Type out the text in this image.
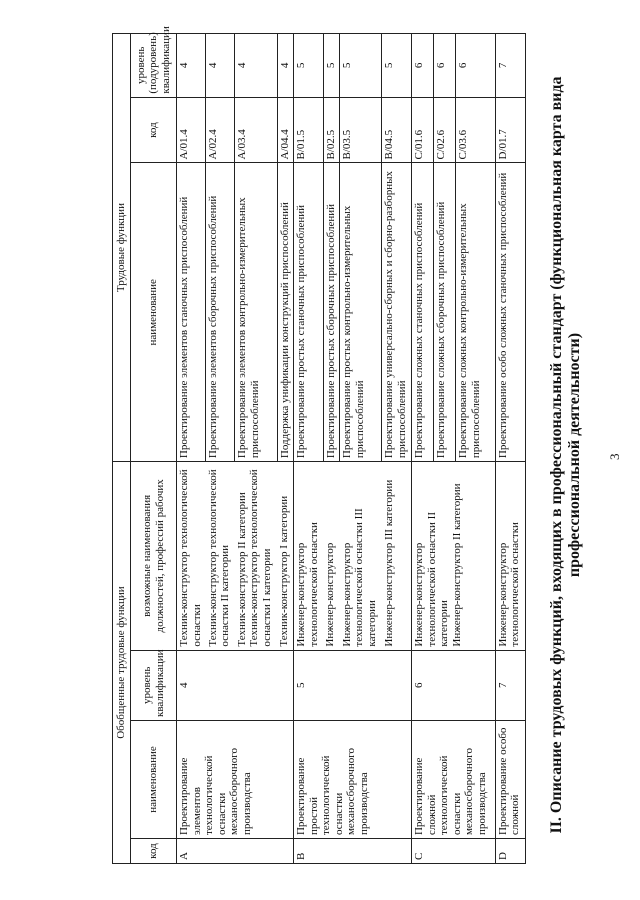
3
II. Описание трудовых функций, входящих в профессиональный стандарт (функциональная карта вида профессиональной деятельности)
Обобщенные трудовые функции				Трудовые функции		
код	наименование	уровень квалификации	возможные наименования должностей, профессий рабочих	наименование	код	уровень (подуровень) квалификации
A	Проектирование элементов технологической оснастки механосборочного производства	4	Техник-конструктор технологической оснастки	Проектирование элементов станочных приспособлений	A/01.4	4
			Техник-конструктор технологической оснастки II категории	Проектирование элементов сборочных приспособлений	A/02.4	4

			Техник-конструктор II категории Техник-конструктор технологической оснастки I категории	Проектирование элементов контрольно-измерительных приспособлений	A/03.4	4
			Техник-конструктор I категории	Поддержка унификации конструкций приспособлений	A/04.4	4
B	Проектирование простой технологической оснастки механосборочного производства	5	Инженер-конструктор технологической оснастки	Проектирование простых станочных приспособлений	B/01.5	5
			Инженер-конструктор	Проектирование простых сборочных приспособлений	B/02.5	5
			Инженер-конструктор технологической оснастки III категории	Проектирование простых контрольно-измерительных приспособлений	B/03.5	5
			Инженер-конструктор III категории	Проектирование универсально-сборных и сборно-разборных приспособлений	B/04.5	5
C	Проектирование сложной технологической оснастки механосборочного производства	6	Инженер-конструктор технологической оснастки II категории Инженер-конструктор II категории	Проектирование сложных станочных приспособлений	C/01.6	6
				Проектирование сложных сборочных приспособлений	C/02.6	6
				Проектирование сложных контрольно-измерительных приспособлений	C/03.6	6
D	Проектирование особо сложной	7	Инженер-конструктор технологической оснастки	Проектирование особо сложных станочных приспособлений	D/01.7	7
